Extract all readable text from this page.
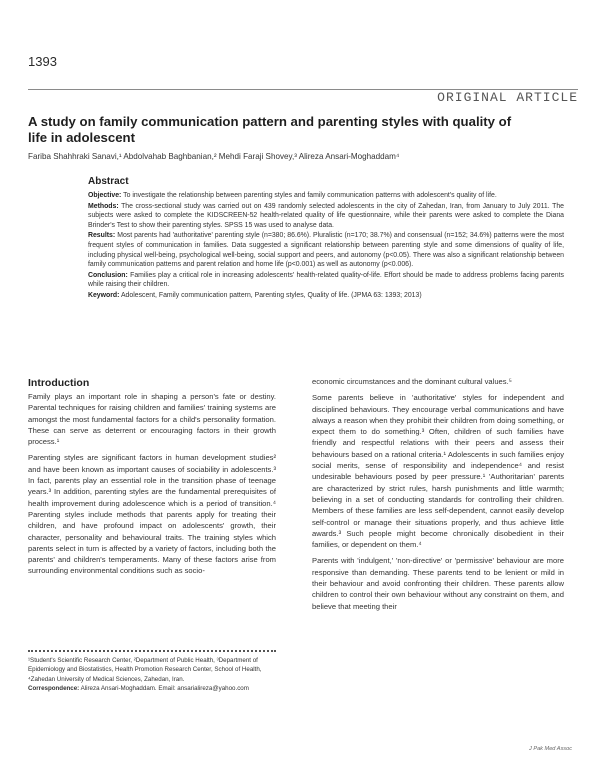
1393
ORIGINAL ARTICLE
A study on family communication pattern and parenting styles with quality of life in adolescent
Fariba Shahhraki Sanavi,¹ Abdolvahab Baghbanian,² Mehdi Faraji Shovey,³ Alireza Ansari-Moghaddam⁴
Abstract

Objective: To investigate the relationship between parenting styles and family communication patterns with adolescent's quality of life.

Methods: The cross-sectional study was carried out on 439 randomly selected adolescents in the city of Zahedan, Iran, from January to July 2011. The subjects were asked to complete the KIDSCREEN-52 health-related quality of life questionnaire, while their parents were asked to complete the Diana Brinder's Test to show their parenting styles. SPSS 15 was used to analyse data.

Results: Most parents had 'authoritative' parenting style (n=380; 86.6%). Pluralistic (n=170; 38.7%) and consensual (n=152; 34.6%) patterns were the most frequent styles of communication in families. Data suggested a significant relationship between parenting style and some dimensions of quality of life, including physical well-being, psychological well-being, social support and peers, and autonomy (p<0.05). There was also a significant relationship between family communication patterns and parent relation and home life (p<0.001) as well as autonomy (p<0.006).

Conclusion: Families play a critical role in increasing adolescents' health-related quality-of-life. Effort should be made to address problems facing parents while raising their children.

Keyword: Adolescent, Family communication pattern, Parenting styles, Quality of life. (JPMA 63: 1393; 2013)

Introduction

Family plays an important role in shaping a person's fate or destiny. Parental techniques for raising children and families' training systems are amongst the most fundamental factors for a child's personality formation. These can serve as deterrent or encouraging factors in their growth process.¹

Parenting styles are significant factors in human development studies² and have been known as important causes of sociability in adolescents.³ In fact, parents play an essential role in the transition phase of teenage years.³ In addition, parenting styles are the fundamental prerequisites of health improvement during adolescence which is a period of transition.⁴ Parenting styles include methods that parents apply for treating their children, and have profound impact on adolescents' growth, their character, personality and behavioural traits. The training styles which parents select in turn is affected by a variety of factors, including both the parents' and children's temperaments. Many of these factors arise from surrounding environmental conditions such as socio-

economic circumstances and the dominant cultural values.⁵

Some parents believe in 'authoritative' styles for independent and disciplined behaviours. They encourage verbal communications and have always a reason when they prohibit their children from doing something, or expect them to do something.³ Often, children of such families have friendly and respectful relations with their peers and assess their behaviours based on a rational criteria.¹ Adolescents in such families enjoy social merits, sense of responsibility and independence⁴ and resist undesirable behaviours posed by peer pressure.¹ 'Authoritarian' parents are characterized by strict rules, harsh punishments and little warmth; believing in a set of conducting standards for controlling their children. Members of these families are less self-dependent, cannot easily develop self-control or manage their situations properly, and thus achieve little awards.³ Such people might become chronically disobedient in their families, or dependent on them.⁴

Parents with 'indulgent,' 'non-directive' or 'permissive' behaviour are more responsive than demanding. These parents tend to be lenient or mild in their behaviour and avoid confronting their children. These parents allow children to control their own behaviour without any constraint on them, and believe that meeting their

¹Student's Scientific Research Center, ²Department of Public Health, ³Department of Epidemiology and Biostatistics, Health Promotion Research Center, School of Health, ⁴Zahedan University of Medical Sciences, Zahedan, Iran.

Correspondence: Alireza Ansari-Moghaddam. Email: ansarialireza@yahoo.com

J Pak Med Assoc
